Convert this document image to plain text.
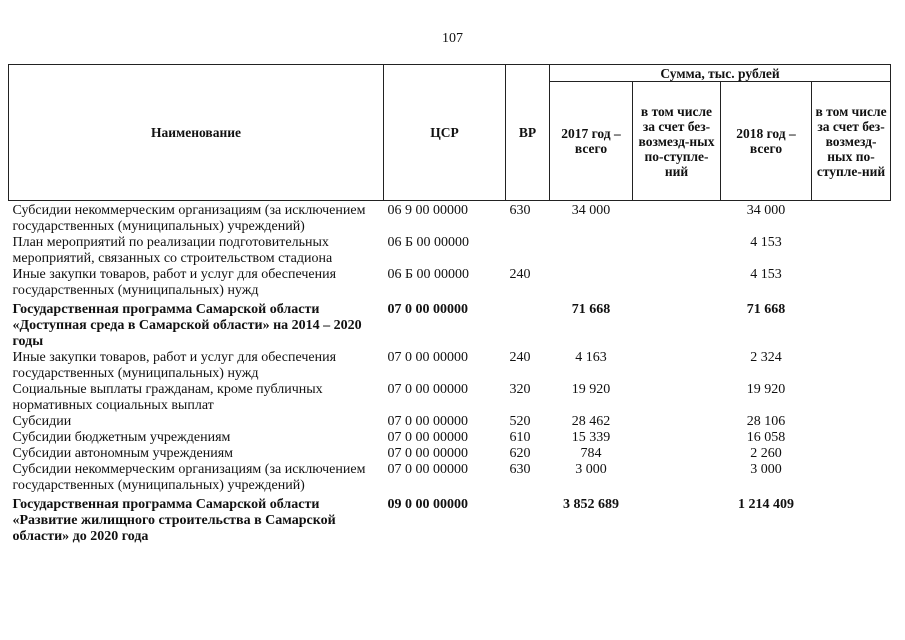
107
Наименование	ЦСР	ВР	Сумма, тыс. рублей			
			2017 год – всего	в том числе за счет без-возмезд-ных по-ступле-ний	2018 год – всего	в том числе за счет без-возмезд-ных по-ступле-ний

Субсидии некоммерческим организациям (за исключением государственных (муниципальных) учреждений)	06 9 00 00000	630	34 000		34 000	
План мероприятий по реализации подготовительных мероприятий, связанных со строительством стадиона	06 Б 00 00000				4 153	
Иные закупки товаров, работ и услуг для обеспечения государственных (муниципальных) нужд	06 Б 00 00000	240			4 153	
Государственная программа Самарской области «Доступная среда в Самарской области» на 2014 – 2020 годы	07 0 00 00000		71 668		71 668	
Иные закупки товаров, работ и услуг для обеспечения государственных (муниципальных) нужд	07 0 00 00000	240	4 163		2 324	
Социальные выплаты гражданам, кроме публичных нормативных социальных выплат	07 0 00 00000	320	19 920		19 920	
Субсидии	07 0 00 00000	520	28 462		28 106	
Субсидии бюджетным учреждениям	07 0 00 00000	610	15 339		16 058	
Субсидии автономным учреждениям	07 0 00 00000	620	784		2 260	
Субсидии некоммерческим организациям (за исключением государственных (муниципальных) учреждений)	07 0 00 00000	630	3 000		3 000	
Государственная программа Самарской области «Развитие жилищного строительства в Самарской области» до 2020 года	09 0 00 00000		3 852 689		1 214 409	
